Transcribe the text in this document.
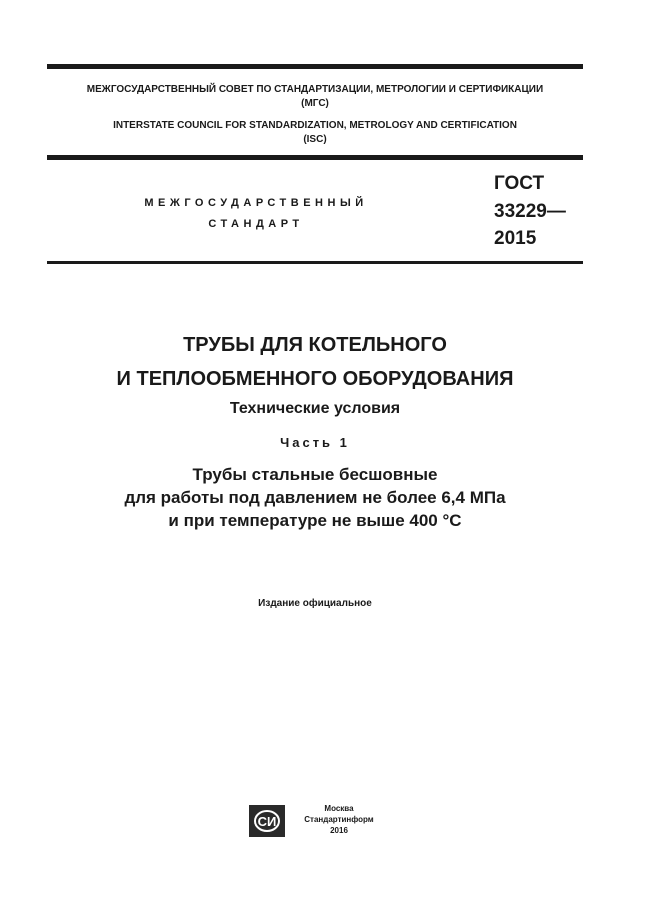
МЕЖГОСУДАРСТВЕННЫЙ СОВЕТ ПО СТАНДАРТИЗАЦИИ, МЕТРОЛОГИИ И СЕРТИФИКАЦИИ
(МГС)
INTERSTATE COUNCIL FOR STANDARDIZATION, METROLOGY AND CERTIFICATION
(ISC)
МЕЖГОСУДАРСТВЕННЫЙ
СТАНДАРТ
ГОСТ
33229—
2015
ТРУБЫ ДЛЯ КОТЕЛЬНОГО
И ТЕПЛООБМЕННОГО ОБОРУДОВАНИЯ
Технические условия
Часть 1
Трубы стальные бесшовные
для работы под давлением не более 6,4 МПа
и при температуре не выше 400 °С
Издание официальное
СИ
Москва
Стандартинформ
2016
